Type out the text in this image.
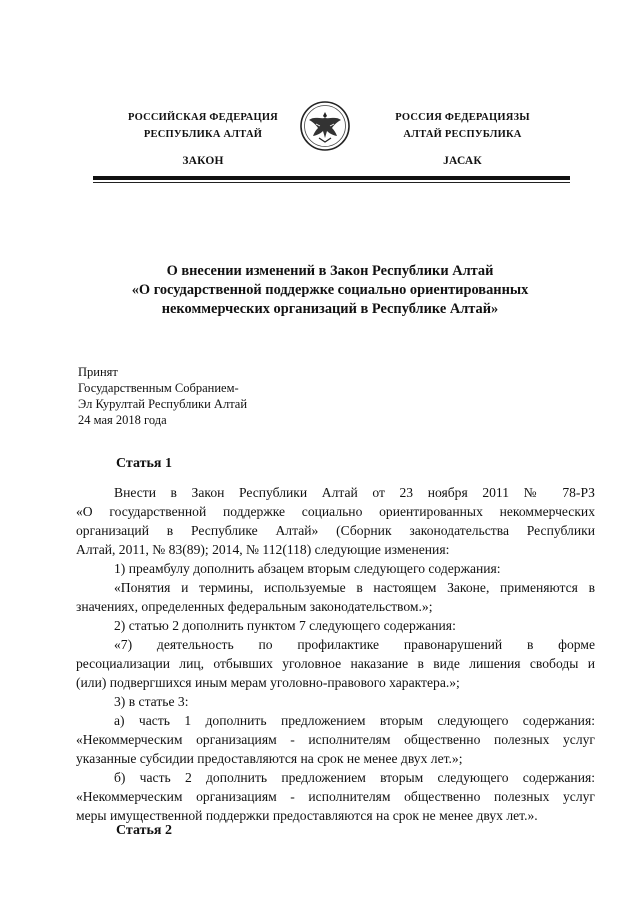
РОССИЙСКАЯ ФЕДЕРАЦИЯ
РЕСПУБЛИКА АЛТАЙ
ЗАКОН
РОССИЯ ФЕДЕРАЦИЯЗЫ
АЛТАЙ РЕСПУБЛИКА
JАСАК
О внесении изменений в Закон Республики Алтай
«О государственной поддержке социально ориентированных
некоммерческих организаций в Республике Алтай»
Принят
Государственным Собранием-
Эл Курултай Республики Алтай
24 мая 2018 года
Статья 1
Внести в Закон Республики Алтай от 23 ноября 2011 № 78-РЗ
«О государственной поддержке социально ориентированных некоммерческих
организаций в Республике Алтай» (Сборник законодательства Республики
Алтай, 2011, № 83(89); 2014, № 112(118) следующие изменения:
1) преамбулу дополнить абзацем вторым следующего содержания:
«Понятия и термины, используемые в настоящем Законе, применяются в
значениях, определенных федеральным законодательством.»;
2) статью 2 дополнить пунктом 7 следующего содержания:
«7) деятельность по профилактике правонарушений в форме
ресоциализации лиц, отбывших уголовное наказание в виде лишения свободы и
(или) подвергшихся иным мерам уголовно-правового характера.»;
3) в статье 3:
а) часть 1 дополнить предложением вторым следующего содержания:
«Некоммерческим организациям - исполнителям общественно полезных услуг
указанные субсидии предоставляются на срок не менее двух лет.»;
б) часть 2 дополнить предложением вторым следующего содержания:
«Некоммерческим организациям - исполнителям общественно полезных услуг
меры имущественной поддержки предоставляются на срок не менее двух лет.».
Статья 2
